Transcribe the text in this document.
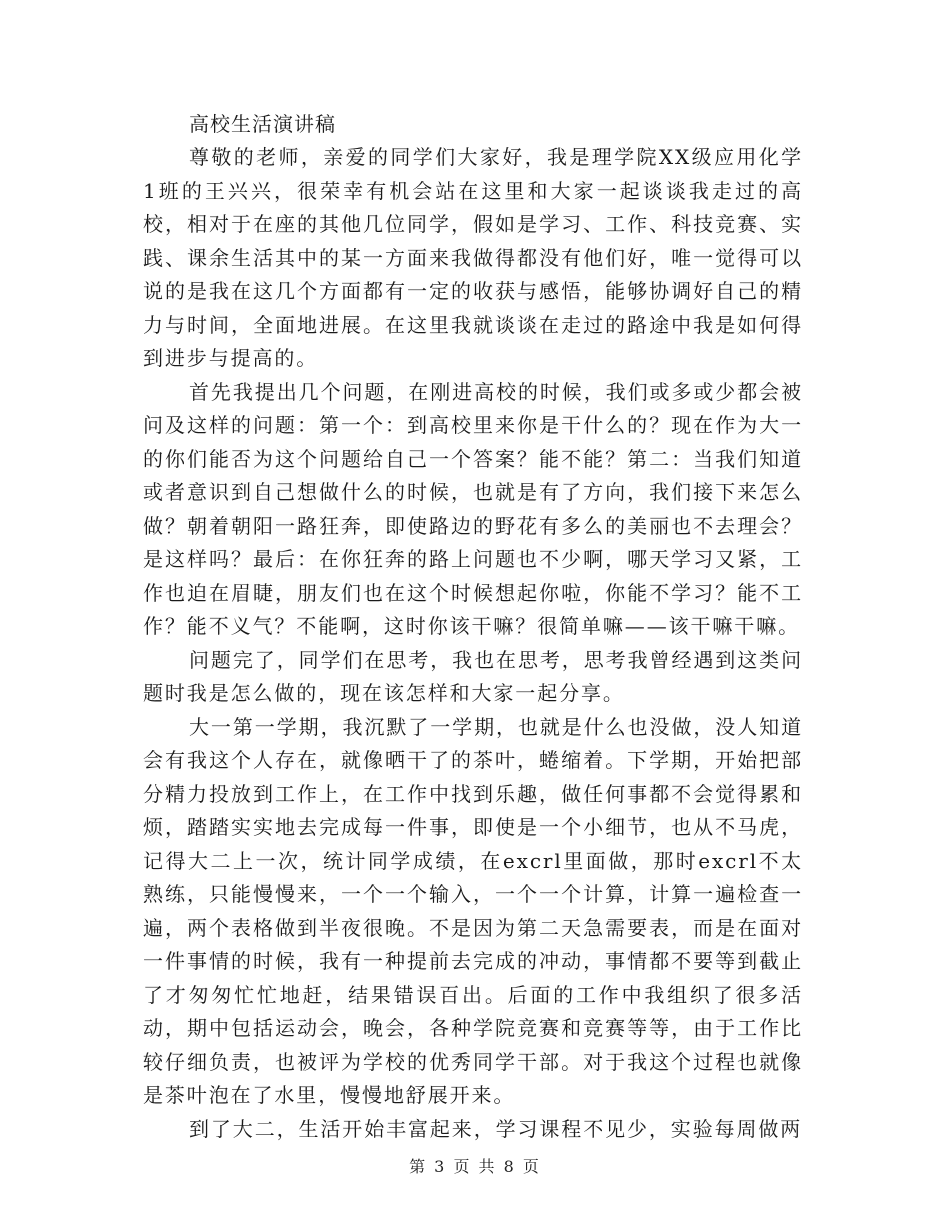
高校生活演讲稿

尊敬的老师，亲爱的同学们大家好，我是理学院XX级应用化学1班的王兴兴，很荣幸有机会站在这里和大家一起谈谈我走过的高校，相对于在座的其他几位同学，假如是学习、工作、科技竞赛、实践、课余生活其中的某一方面来我做得都没有他们好，唯一觉得可以说的是我在这几个方面都有一定的收获与感悟，能够协调好自己的精力与时间，全面地进展。在这里我就谈谈在走过的路途中我是如何得到进步与提高的。

首先我提出几个问题，在刚进高校的时候，我们或多或少都会被问及这样的问题：第一个：到高校里来你是干什么的？现在作为大一的你们能否为这个问题给自己一个答案？能不能？第二：当我们知道或者意识到自己想做什么的时候，也就是有了方向，我们接下来怎么做？朝着朝阳一路狂奔，即使路边的野花有多么的美丽也不去理会？是这样吗？最后：在你狂奔的路上问题也不少啊，哪天学习又紧，工作也迫在眉睫，朋友们也在这个时候想起你啦，你能不学习？能不工作？能不义气？不能啊，这时你该干嘛？很简单嘛——该干嘛干嘛。

问题完了，同学们在思考，我也在思考，思考我曾经遇到这类问题时我是怎么做的，现在该怎样和大家一起分享。

大一第一学期，我沉默了一学期，也就是什么也没做，没人知道会有我这个人存在，就像晒干了的茶叶，蜷缩着。下学期，开始把部分精力投放到工作上，在工作中找到乐趣，做任何事都不会觉得累和烦，踏踏实实地去完成每一件事，即使是一个小细节，也从不马虎，记得大二上一次，统计同学成绩，在excrl里面做，那时excrl不太熟练，只能慢慢来，一个一个输入，一个一个计算，计算一遍检查一遍，两个表格做到半夜很晚。不是因为第二天急需要表，而是在面对一件事情的时候，我有一种提前去完成的冲动，事情都不要等到截止了才匆匆忙忙地赶，结果错误百出。后面的工作中我组织了很多活动，期中包括运动会，晚会，各种学院竞赛和竞赛等等，由于工作比较仔细负责，也被评为学校的优秀同学干部。对于我这个过程也就像是茶叶泡在了水里，慢慢地舒展开来。

到了大二，生活开始丰富起来，学习课程不见少，实验每周做两

第 3 页 共 8 页
